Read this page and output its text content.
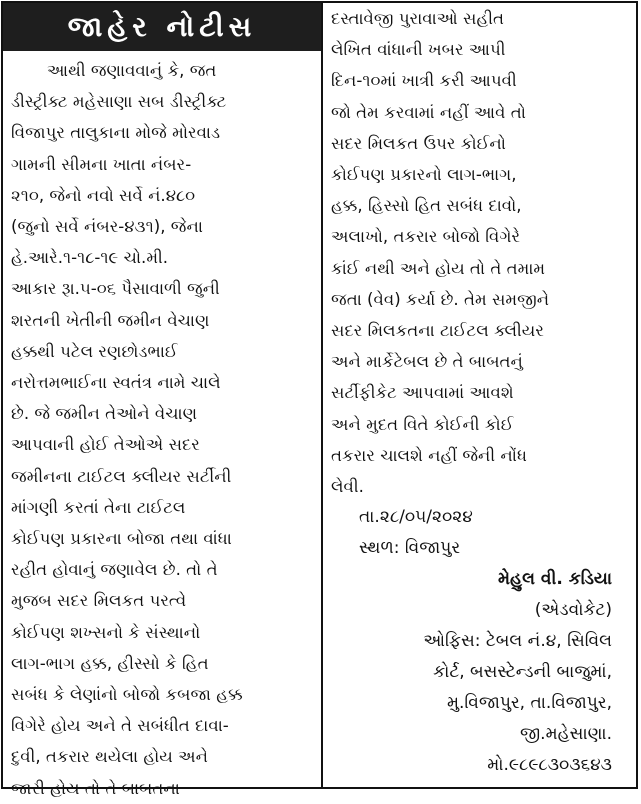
જાહેર નોટીસ
આથી જણાવવાનું કે, જત
ડીસ્ટ્રીક્ટ મહેસાણા સબ ડીસ્ટ્રીક્ટ
વિજાપુર તાલુકાના મોજે મોરવાડ
ગામની સીમના ખાતા નંબર-
૨૧૦, જેનો નવો સર્વે નં.૪૮૦
(જુનો સર્વે નંબર-૪૩૧), જેના
હે.આરે.૧-૧૮-૧૯ ચો.મી.
આકાર રૂા.૫-૦૬ પૈસાવાળી જુની
શરતની ખેતીની જમીન વેચાણ
હક્કથી પટેલ રણછોડભાઈ
નરોત્તમભાઈના સ્વતંત્ર નામે ચાલે
છે. જે જમીન તેઓને વેચાણ
આપવાની હોઈ તેઓએ સદર
જમીનના ટાઈટલ ક્લીયર સર્ટીની
માંગણી કરતાં તેના ટાઈટલ
કોઈપણ પ્રકારના બોજા તથા વાંધા
રહીત હોવાનું જણાવેલ છે. તો તે
મુજબ સદર મિલકત પરત્વે
કોઈપણ શખ્સનો કે સંસ્થાનો
લાગ-ભાગ હક્ક, હીસ્સો કે હિત
સબંધ કે લેણાંનો બોજો કબજા હક્ક
વિગેરે હોય અને તે સબંધીત દાવા-
દુવી, તકરાર થયેલા હોય અને
જારી હોય તો તે બાબતના
દસ્તાવેજી પુરાવાઓ સહીત
લેખિત વાંધાની ખબર આપી
દિન-૧૦માં ખાત્રી કરી આપવી
જો તેમ કરવામાં નહીં આવે તો
સદર મિલકત ઉપર કોઈનો
કોઈપણ પ્રકારનો લાગ-ભાગ,
હક્ક, હિસ્સો હિત સબંધ દાવો,
અલાખો, તકરાર બોજો વિગેરે
કાંઈ નથી અને હોય તો તે તમામ
જતા (વેવ) કર્યા છે. તેમ સમજીને
સદર મિલકતના ટાઈટલ ક્લીયર
અને માર્કેટેબલ છે તે બાબતનું
સર્ટીફીકેટ આપવામાં આવશે
અને મુદત વિતે કોઈની કોઈ
તકરાર ચાલશે નહીં જેની નોંધ
લેવી.
તા.૨૮/૦૫/૨૦૨૪
સ્થળ: વિજાપુર
મેહુલ વી. કડિયા
(એડવોકેટ)
ઓફિસ: ટેબલ નં.૪, સિવિલ
કોર્ટ, બસસ્ટેન્ડની બાજુમાં,
મુ.વિજાપુર, તા.વિજાપુર,
જી.મહેસાણા.
મો.૯૮૯૮૩૦૩૬૪૩
